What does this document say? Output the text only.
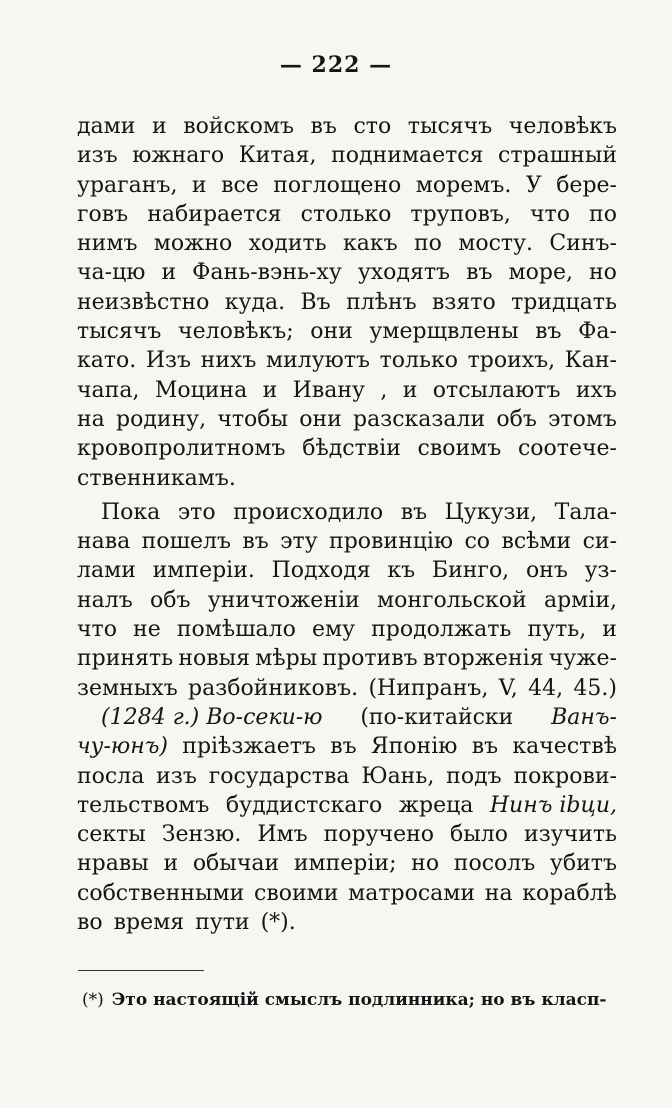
— 222 —
дами и войскомъ въ сто тысячъ человѣкъ
изъ южнаго Китая, поднимается страшный
ураганъ, и все поглощено моремъ. У бере-
говъ набирается столько труповъ, что по
нимъ можно ходить какъ по мосту. Синъ-
ча-цю и Фань-вэнь-ху уходятъ въ море, но
неизвѣстно куда. Въ плѣнъ взято тридцать
тысячъ человѣкъ; они умерщвлены въ Фа-
като. Изъ нихъ милуютъ только троихъ, Кан-
чапа, Моцина и Ивану , и отсылаютъ ихъ
на родину, чтобы они разсказали объ этомъ
кровопролитномъ бѣдствіи своимъ соотече-
ственникамъ.
Пока это происходило въ Цукузи, Тала-
нава пошелъ въ эту провинцію со всѣми си-
лами имперіи. Подходя къ Бинго, онъ уз-
налъ объ уничтоженіи монгольской арміи,
что не помѣшало ему продолжать путь, и
принять новыя мѣры противъ вторженія чуже-
земныхъ разбойниковъ. (Нипранъ, V, 44, 45.)
(1284 г.) Во-секи-ю (по-китайски Ванъ-
чу-юнъ) пріѣзжаетъ въ Японію въ качествѣ
посла изъ государства Юань, подъ покрови-
тельствомъ буддистскаго жреца Нинъ ibци,
секты Зензю. Имъ поручено было изучить
нравы и обычаи имперіи; но посолъ убитъ
собственными своими матросами на кораблѣ
во время пути (*).
(*) Это настоящій смыслъ подлинника; но въ класп-
